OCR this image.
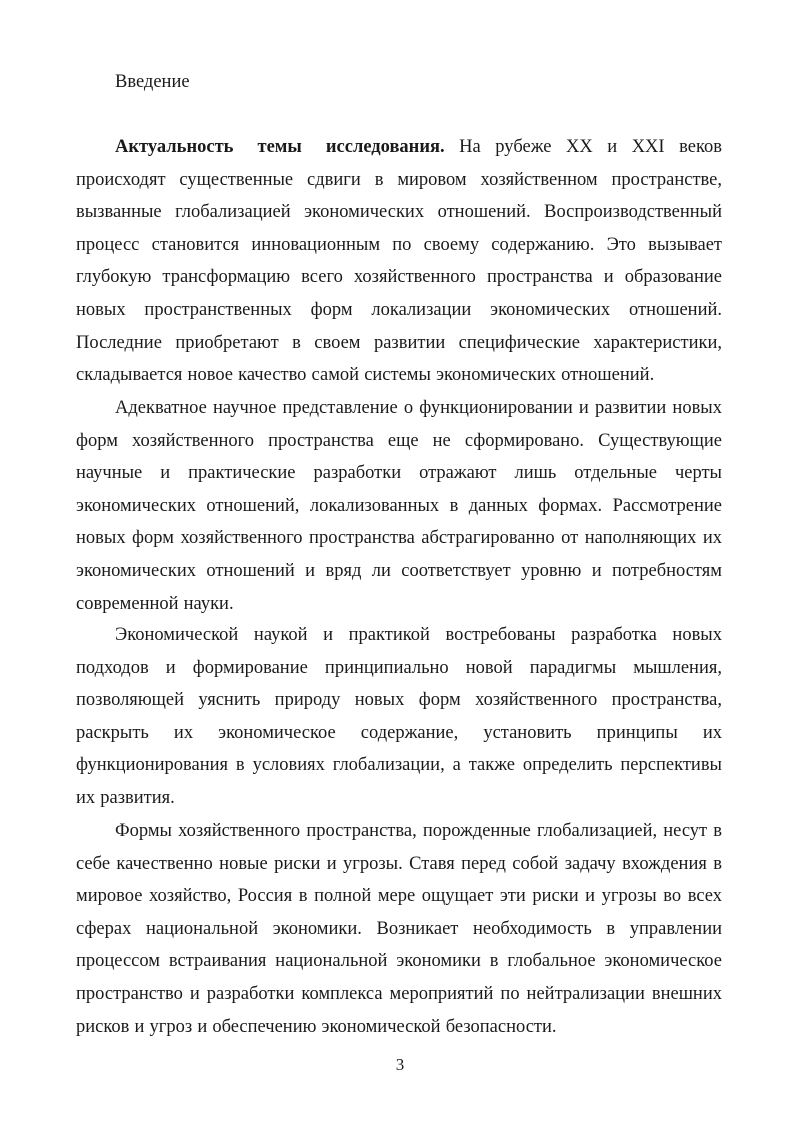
Введение

Актуальность темы исследования. На рубеже XX и XXI веков происходят существенные сдвиги в мировом хозяйственном пространстве, вызванные глобализацией экономических отношений. Воспроизводственный процесс становится инновационным по своему содержанию. Это вызывает глубокую трансформацию всего хозяйственного пространства и образование новых пространственных форм локализации экономических отношений. Последние приобретают в своем развитии специфические характеристики, складывается новое качество самой системы экономических отношений.

Адекватное научное представление о функционировании и развитии новых форм хозяйственного пространства еще не сформировано. Существующие научные и практические разработки отражают лишь отдельные черты экономических отношений, локализованных в данных формах. Рассмотрение новых форм хозяйственного пространства абстрагированно от наполняющих их экономических отношений и вряд ли соответствует уровню и потребностям современной науки.

Экономической наукой и практикой востребованы разработка новых подходов и формирование принципиально новой парадигмы мышления, позволяющей уяснить природу новых форм хозяйственного пространства, раскрыть их экономическое содержание, установить принципы их функционирования в условиях глобализации, а также определить перспективы их развития.

Формы хозяйственного пространства, порожденные глобализацией, несут в себе качественно новые риски и угрозы. Ставя перед собой задачу вхождения в мировое хозяйство, Россия в полной мере ощущает эти риски и угрозы во всех сферах национальной экономики. Возникает необходимость в управлении процессом встраивания национальной экономики в глобальное экономическое пространство и разработки комплекса мероприятий по нейтрализации внешних рисков и угроз и обеспечению экономической безопасности.

3
